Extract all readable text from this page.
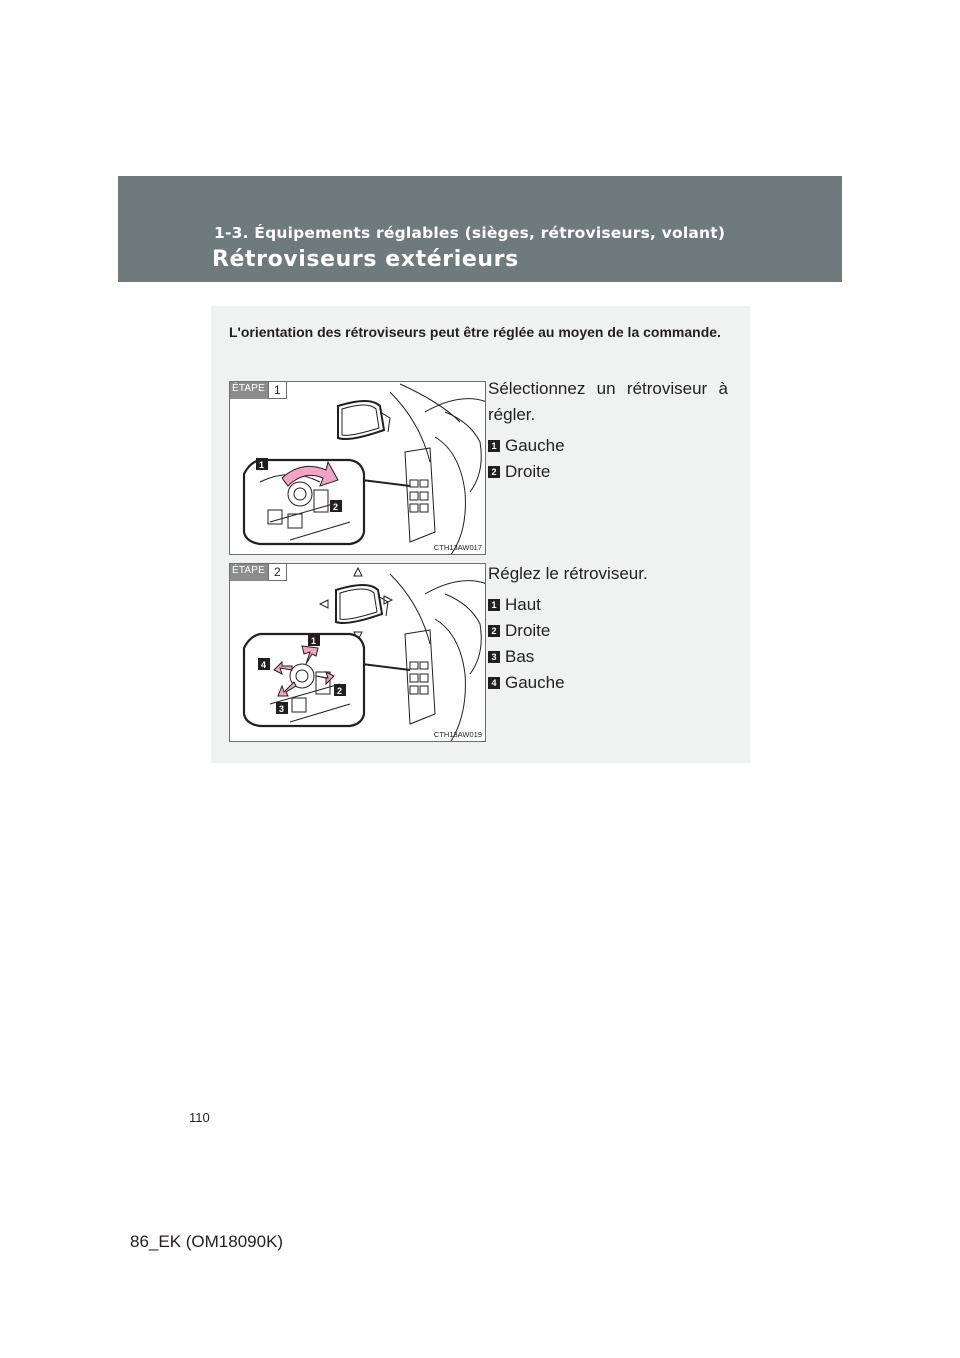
1-3. Équipements réglables (sièges, rétroviseurs, volant)
Rétroviseurs extérieurs
L'orientation des rétroviseurs peut être réglée au moyen de la commande.
1
2
ÉTAPE 1
CTH13AW017
Sélectionnez un rétroviseur à régler.
1 Gauche
2 Droite
1
2
3
4
ÉTAPE 2
CTH13AW019
Réglez le rétroviseur.
1 Haut
2 Droite
3 Bas
4 Gauche
110
86_EK (OM18090K)
